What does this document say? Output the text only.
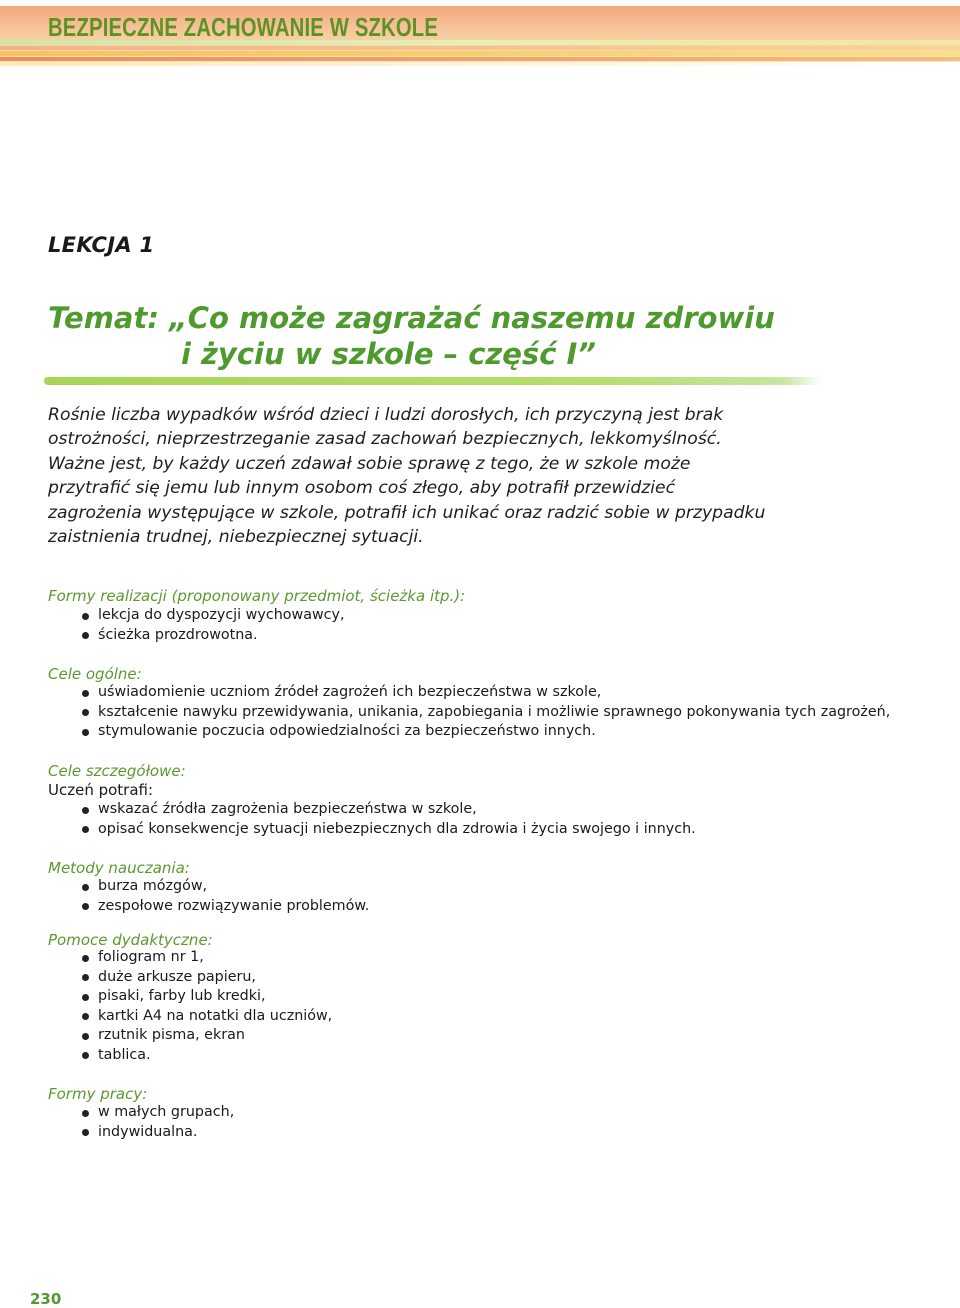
BEZPIECZNE ZACHOWANIE W SZKOLE
LEKCJA 1
Temat: „Co może zagrażać naszemu zdrowiu
i życiu w szkole – część I”
Rośnie liczba wypadków wśród dzieci i ludzi dorosłych, ich przyczyną jest brak
ostrożności, nieprzestrzeganie zasad zachowań bezpiecznych, lekkomyślność.
Ważne jest, by każdy uczeń zdawał sobie sprawę z tego, że w szkole może
przytrafić się jemu lub innym osobom coś złego, aby potrafił przewidzieć
zagrożenia występujące w szkole, potrafił ich unikać oraz radzić sobie w przypadku
zaistnienia trudnej, niebezpiecznej sytuacji.

Formy realizacji (proponowany przedmiot, ścieżka itp.):

lekcja do dyspozycji wychowawcy,
ścieżka prozdrowotna.

Cele ogólne:

uświadomienie uczniom źródeł zagrożeń ich bezpieczeństwa w szkole,
kształcenie nawyku przewidywania, unikania, zapobiegania i możliwie sprawnego pokonywania tych zagrożeń,
stymulowanie poczucia odpowiedzialności za bezpieczeństwo innych.

Cele szczegółowe:

Uczeń potrafi:

wskazać źródła zagrożenia bezpieczeństwa w szkole,
opisać konsekwencje sytuacji niebezpiecznych dla zdrowia i życia swojego i innych.

Metody nauczania:

burza mózgów,
zespołowe rozwiązywanie problemów.

Pomoce dydaktyczne:

foliogram nr 1,
duże arkusze papieru,
pisaki, farby lub kredki,
kartki A4 na notatki dla uczniów,
rzutnik pisma, ekran
tablica.

Formy pracy:

w małych grupach,
indywidualna.
230
